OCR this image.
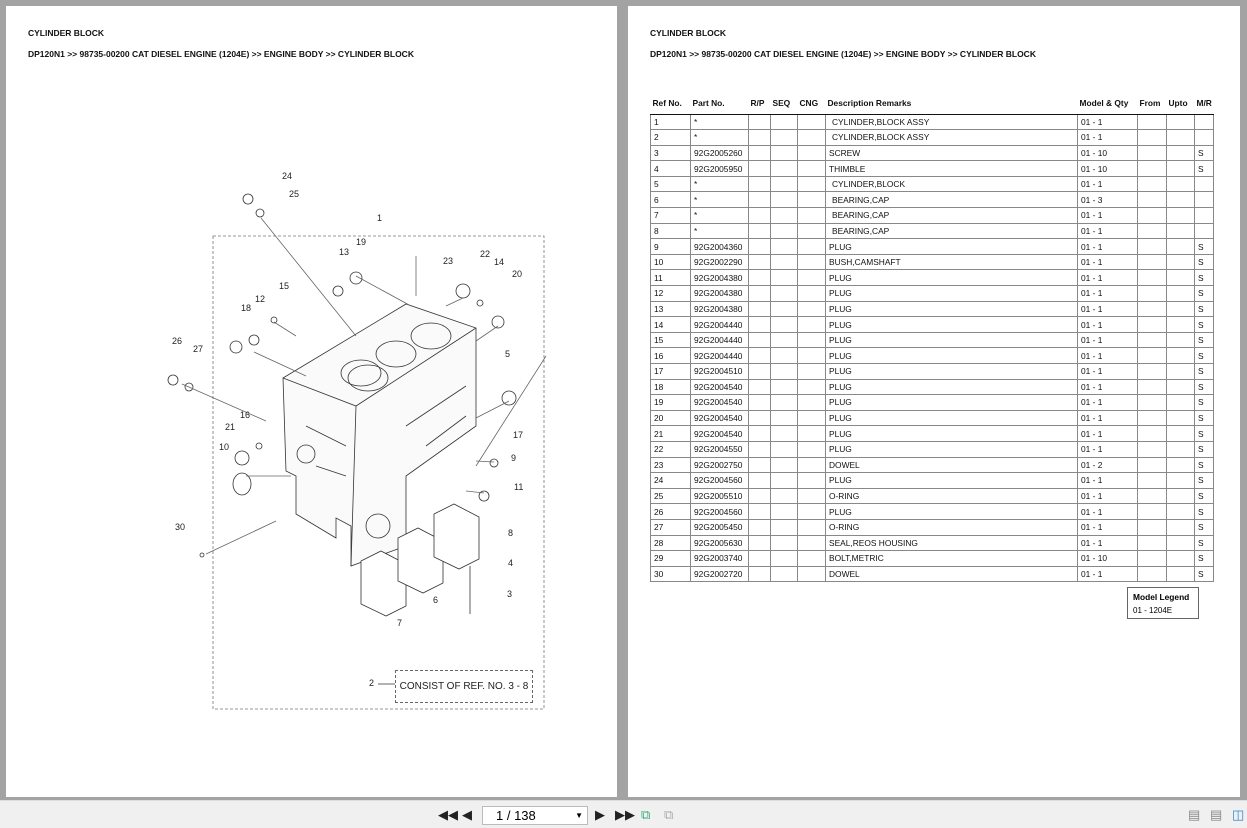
CYLINDER BLOCK
DP120N1 >> 98735-00200 CAT DIESEL ENGINE (1204E) >> ENGINE BODY >> CYLINDER BLOCK
24
25
1
19
13
23
22
14
20
15
12
18
26
27	5
16
21
10
17
9
11
30
8
4
6
3
7
2	CONSIST OF REF. NO. 3 - 8
CYLINDER BLOCK
DP120N1 >> 98735-00200 CAT DIESEL ENGINE (1204E) >> ENGINE BODY >> CYLINDER BLOCK
Ref No.	Part No.	R/P	SEQ	CNG	Description Remarks	Model & Qty	From	Upto	M/R
1	*				CYLINDER,BLOCK ASSY	01 - 1			
2	*				CYLINDER,BLOCK ASSY	01 - 1			
3	92G2005260				SCREW	01 - 10			S
4	92G2005950				THIMBLE	01 - 10			S
5	*				CYLINDER,BLOCK	01 - 1			
6	*				BEARING,CAP	01 - 3			
7	*				BEARING,CAP	01 - 1			
8	*				BEARING,CAP	01 - 1			
9	92G2004360				PLUG	01 - 1			S
10	92G2002290				BUSH,CAMSHAFT	01 - 1			S
11	92G2004380				PLUG	01 - 1			S
12	92G2004380				PLUG	01 - 1			S
13	92G2004380				PLUG	01 - 1			S
14	92G2004440				PLUG	01 - 1			S
15	92G2004440				PLUG	01 - 1			S
16	92G2004440				PLUG	01 - 1			S
17	92G2004510				PLUG	01 - 1			S
18	92G2004540				PLUG	01 - 1			S
19	92G2004540				PLUG	01 - 1			S
20	92G2004540				PLUG	01 - 1			S
21	92G2004540				PLUG	01 - 1			S
22	92G2004550				PLUG	01 - 1			S
23	92G2002750				DOWEL	01 - 2			S
24	92G2004560				PLUG	01 - 1			S
25	92G2005510				O-RING	01 - 1			S
26	92G2004560				PLUG	01 - 1			S
27	92G2005450				O-RING	01 - 1			S
28	92G2005630				SEAL,REOS HOUSING	01 - 1			S
29	92G2003740				BOLT,METRIC	01 - 10			S
30	92G2002720				DOWEL	01 - 1			S
Model Legend
01 - 1204E
◀◀ ◀	1 / 138	▼ ▶ ▶▶ ⧉ ⧉	▤ ▤ ◫
